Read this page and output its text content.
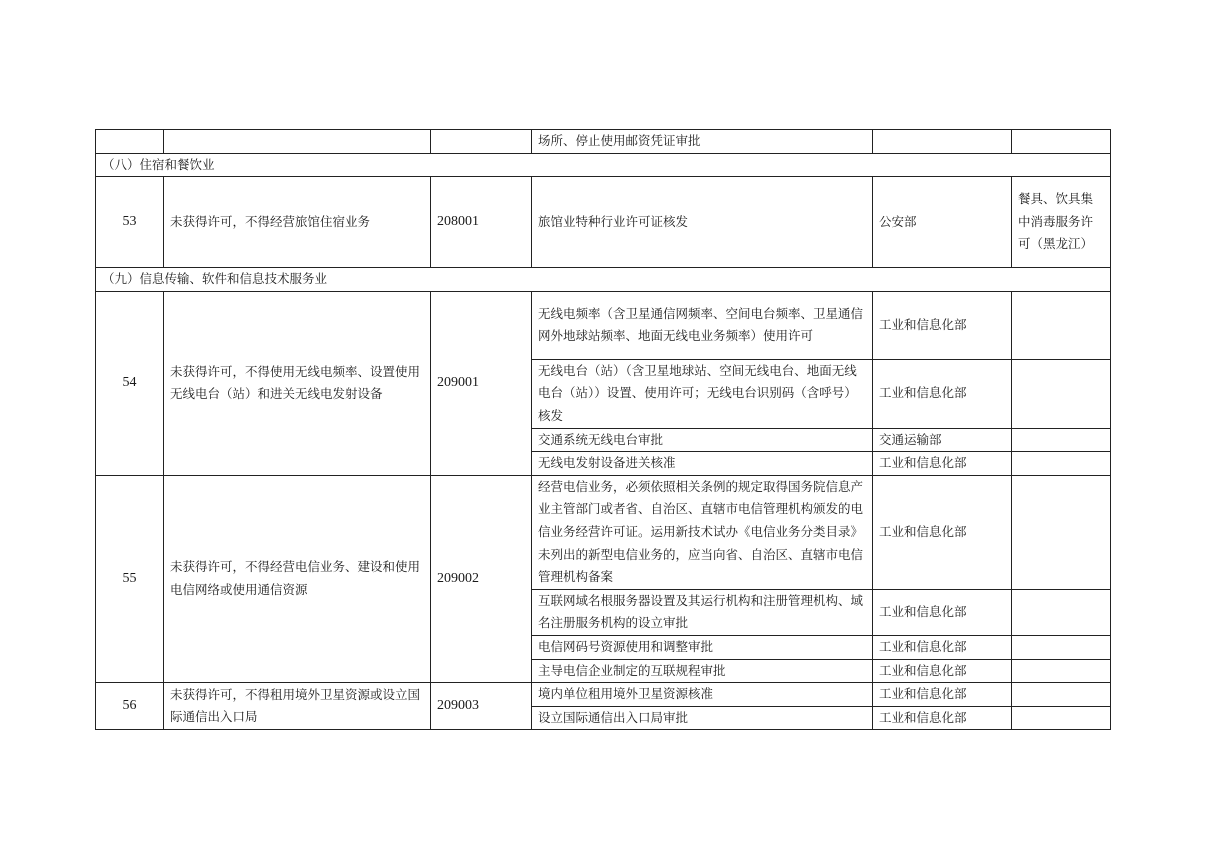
			场所、停止使用邮资凭证审批		
（八）住宿和餐饮业					
53	未获得许可，不得经营旅馆住宿业务	208001	旅馆业特种行业许可证核发	公安部	餐具、饮具集中消毒服务许可（黑龙江）
（九）信息传输、软件和信息技术服务业					
54	未获得许可，不得使用无线电频率、设置使用无线电台（站）和进关无线电发射设备	209001	无线电频率（含卫星通信网频率、空间电台频率、卫星通信网外地球站频率、地面无线电业务频率）使用许可	工业和信息化部	
			无线电台（站）（含卫星地球站、空间无线电台、地面无线电台（站））设置、使用许可；无线电台识别码（含呼号）核发	工业和信息化部	
			交通系统无线电台审批	交通运输部	
			无线电发射设备进关核准	工业和信息化部	
55	未获得许可，不得经营电信业务、建设和使用电信网络或使用通信资源	209002	经营电信业务，必须依照相关条例的规定取得国务院信息产业主管部门或者省、自治区、直辖市电信管理机构颁发的电信业务经营许可证。运用新技术试办《电信业务分类目录》未列出的新型电信业务的，应当向省、自治区、直辖市电信管理机构备案	工业和信息化部	
			互联网域名根服务器设置及其运行机构和注册管理机构、域名注册服务机构的设立审批	工业和信息化部	
			电信网码号资源使用和调整审批	工业和信息化部	
			主导电信企业制定的互联规程审批	工业和信息化部	
56	未获得许可，不得租用境外卫星资源或设立国际通信出入口局	209003	境内单位租用境外卫星资源核准	工业和信息化部	
			设立国际通信出入口局审批	工业和信息化部	
